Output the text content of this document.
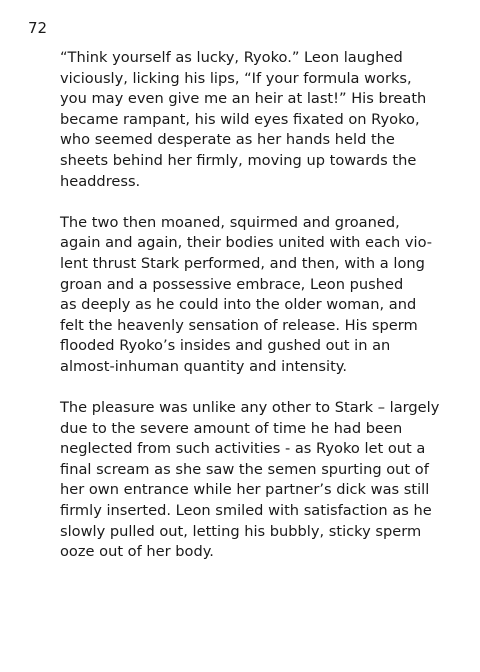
72

“Think yourself as lucky, Ryoko.” Leon laughed
viciously, licking his lips, “If your formula works,
you may even give me an heir at last!” His breath
became rampant, his wild eyes fixated on Ryoko,
who seemed desperate as her hands held the
sheets behind her firmly, moving up towards the
headdress.

The two then moaned, squirmed and groaned,
again and again, their bodies united with each vio-
lent thrust Stark performed, and then, with a long
groan and a possessive embrace, Leon pushed
as deeply as he could into the older woman, and
felt the heavenly sensation of release. His sperm
flooded Ryoko’s insides and gushed out in an
almost-inhuman quantity and intensity.

The pleasure was unlike any other to Stark – largely
due to the severe amount of time he had been
neglected from such activities - as Ryoko let out a
final scream as she saw the semen spurting out of
her own entrance while her partner’s dick was still
firmly inserted. Leon smiled with satisfaction as he
slowly pulled out, letting his bubbly, sticky sperm
ooze out of her body.
